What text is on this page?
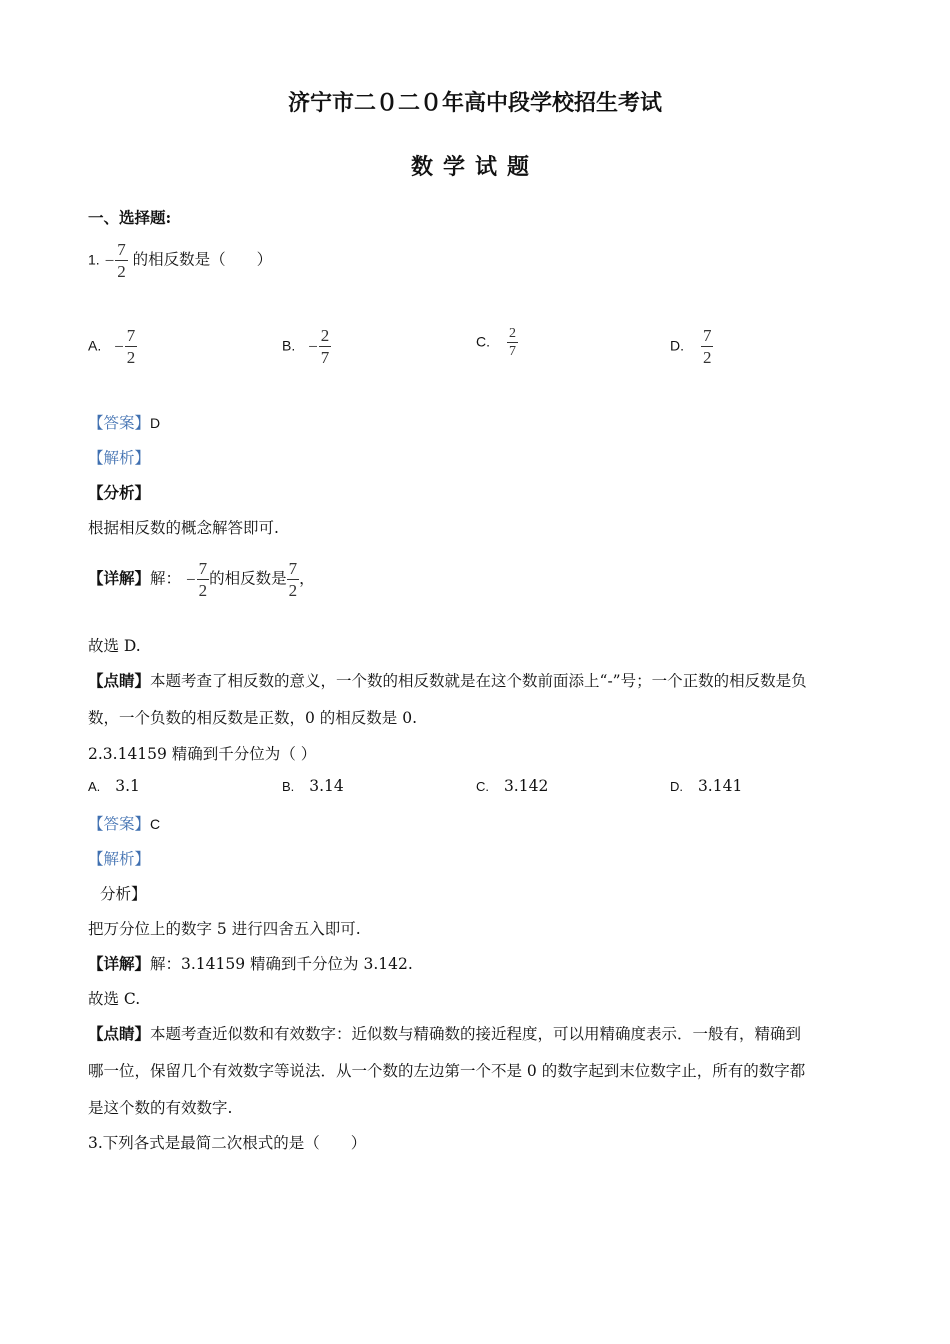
济宁市二０二０年高中段学校招生考试
数学试题
一、选择题:
1. − $\frac{7}{2}$ 的相反数是（　　）
A. − $\frac{7}{2}$	B. − $\frac{2}{7}$	C. $\frac{2}{7}$	D. $\frac{7}{2}$
【答案】D
【解析】
【分析】
根据相反数的概念解答即可.
【详解】解： − $\frac{7}{2}$ 的相反数是 $\frac{7}{2}$ ，
故选 D.
【点睛】本题考查了相反数的意义，一个数的相反数就是在这个数前面添上“-”号；一个正数的相反数是负
数，一个负数的相反数是正数，0 的相反数是 0.
2.3.14159 精确到千分位为（ ）
A. 3.1	B. 3.14	C. 3.142	D. 3.141
【答案】C
【解析】
分析】
把万分位上的数字 5 进行四舍五入即可.
【详解】解：3.14159 精确到千分位为 3.142.
故选 C.
【点睛】本题考查近似数和有效数字：近似数与精确数的接近程度，可以用精确度表示．一般有，精确到
哪一位，保留几个有效数字等说法．从一个数的左边第一个不是 0 的数字起到末位数字止，所有的数字都
是这个数的有效数字.
3.下列各式是最简二次根式的是（　　）
